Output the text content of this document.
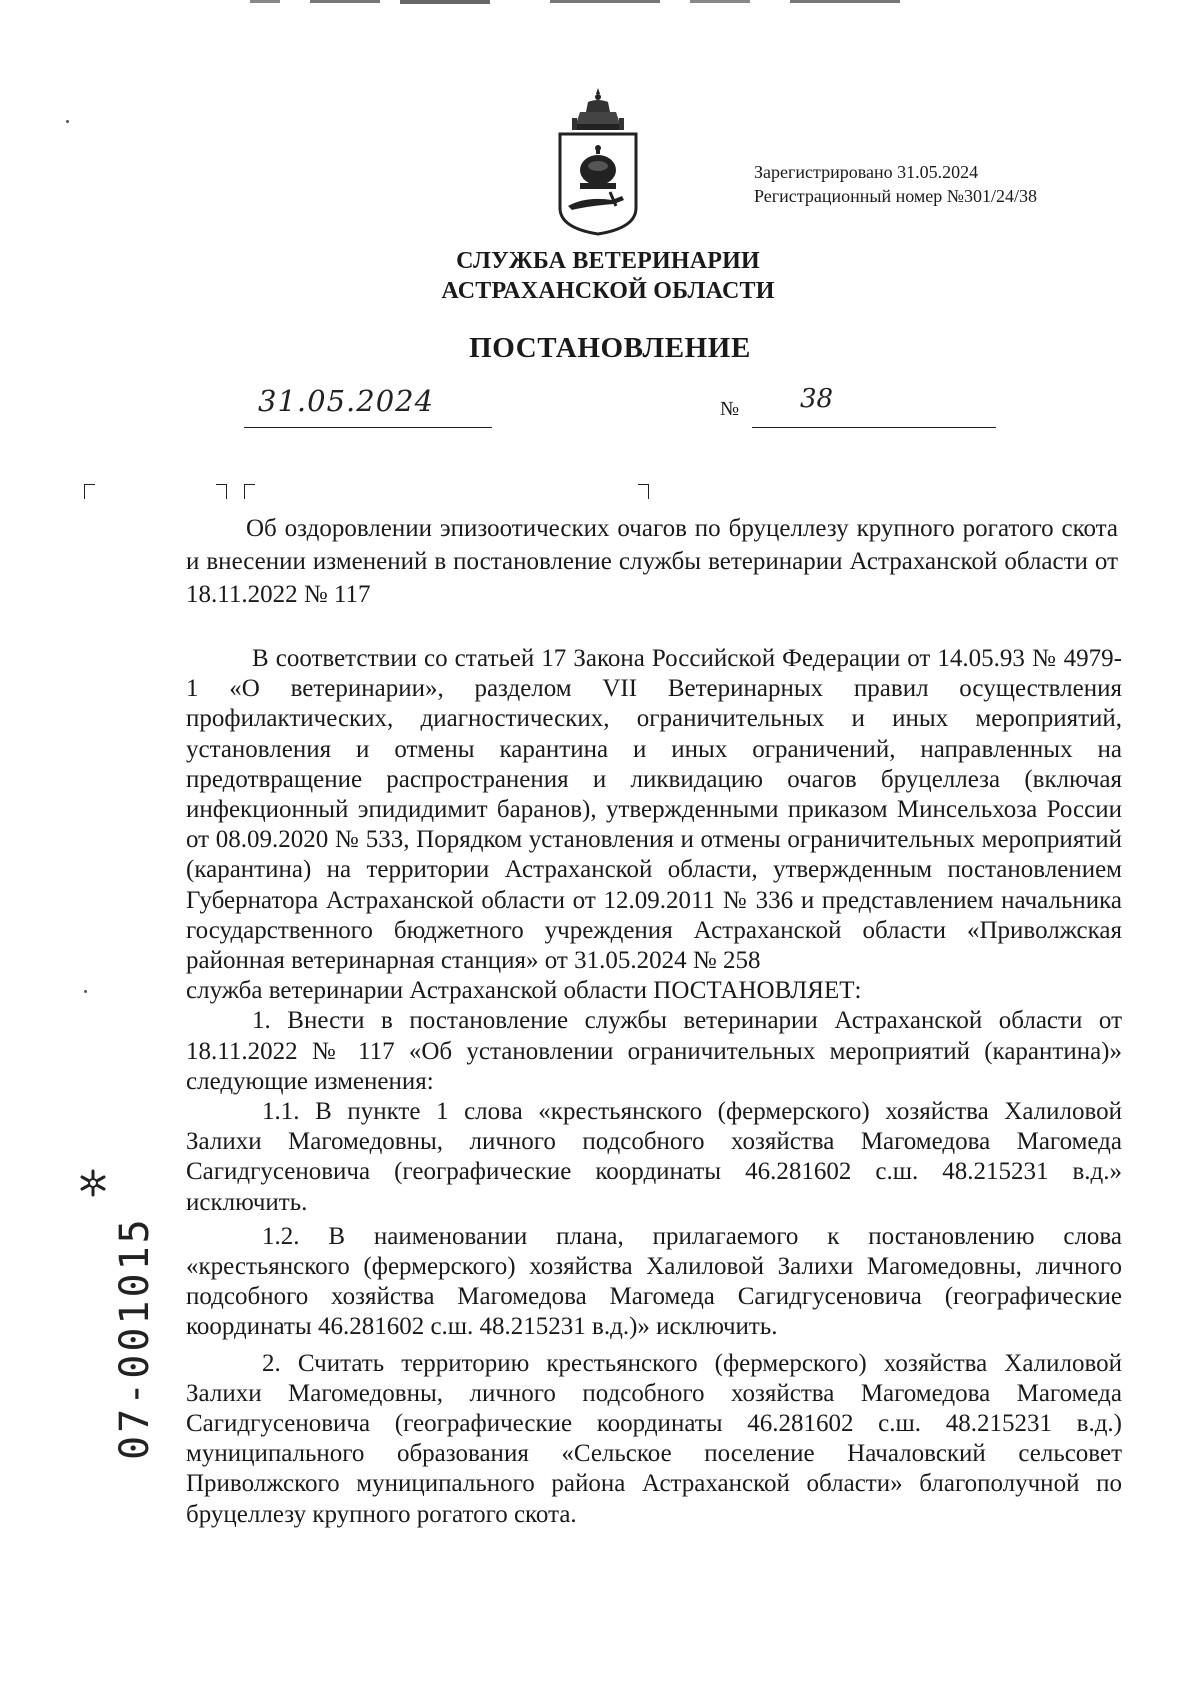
Зарегистрировано 31.05.2024
Регистрационный номер №301/24/38
СЛУЖБА ВЕТЕРИНАРИИ
АСТРАХАНСКОЙ ОБЛАСТИ
ПОСТАНОВЛЕНИЕ
31.05.2024	№ 38

Об оздоровлении эпизоотических очагов по бруцеллезу крупного рогатого скота и внесении изменений в постановление службы ветеринарии Астраханской области от 18.11.2022 № 117

В соответствии со статьей 17 Закона Российской Федерации от 14.05.93 № 4979-1 «О ветеринарии», разделом VII Ветеринарных правил осуществления профилактических, диагностических, ограничительных и иных мероприятий, установления и отмены карантина и иных ограничений, направленных на предотвращение распространения и ликвидацию очагов бруцеллеза (включая инфекционный эпидидимит баранов), утвержденными приказом Минсельхоза России от 08.09.2020 № 533, Порядком установления и отмены ограничительных мероприятий (карантина) на территории Астраханской области, утвержденным постановлением Губернатора Астраханской области от 12.09.2011 № 336 и представлением начальника государственного бюджетного учреждения Астраханской области «Приволжская районная ветеринарная станция» от 31.05.2024 № 258

служба ветеринарии Астраханской области ПОСТАНОВЛЯЕТ:

1. Внести в постановление службы ветеринарии Астраханской области от 18.11.2022 № 117 «Об установлении ограничительных мероприятий (карантина)» следующие изменения:

1.1. В пункте 1 слова «крестьянского (фермерского) хозяйства Халиловой Залихи Магомедовны, личного подсобного хозяйства Магомедова Магомеда Сагидгусеновича (географические координаты 46.281602 с.ш. 48.215231 в.д.» исключить.

1.2. В наименовании плана, прилагаемого к постановлению слова «крестьянского (фермерского) хозяйства Халиловой Залихи Магомедовны, личного подсобного хозяйства Магомедова Магомеда Сагидгусеновича (географические координаты 46.281602 с.ш. 48.215231 в.д.)» исключить.

2. Считать территорию крестьянского (фермерского) хозяйства Халиловой Залихи Магомедовны, личного подсобного хозяйства Магомедова Магомеда Сагидгусеновича (географические координаты 46.281602 с.ш. 48.215231 в.д.) муниципального образования «Сельское поселение Началовский сельсовет Приволжского муниципального района Астраханской области» благополучной по бруцеллезу крупного рогатого скота.

07-001015
